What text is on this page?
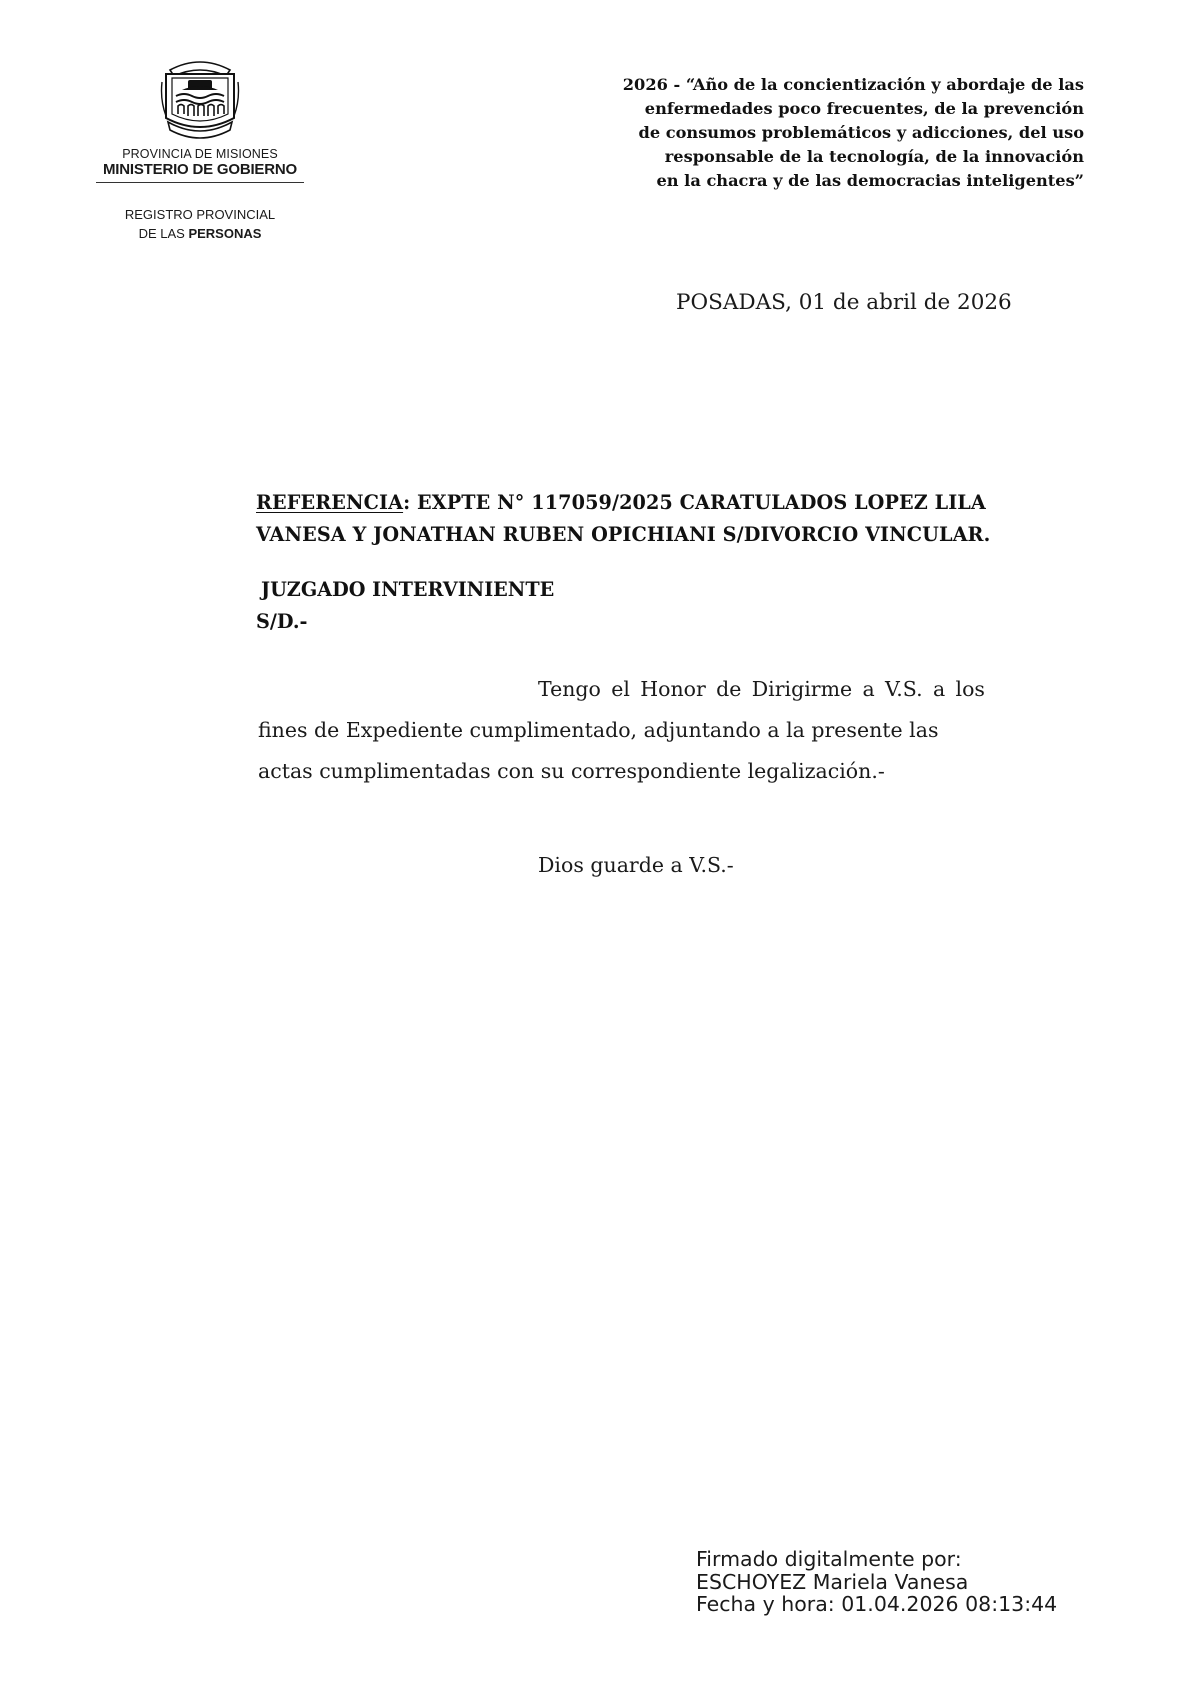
PROVINCIA DE MISIONES
MINISTERIO DE GOBIERNO
REGISTRO PROVINCIAL
DE LAS PERSONAS
2026 - “Año de la concientización y abordaje de las
enfermedades poco frecuentes, de la prevención
de consumos problemáticos y adicciones, del uso
responsable de la tecnología, de la innovación
en la chacra y de las democracias inteligentes”
POSADAS, 01 de abril de 2026
REFERENCIA: EXPTE N° 117059/2025 CARATULADOS LOPEZ LILA
VANESA Y JONATHAN RUBEN OPICHIANI S/DIVORCIO VINCULAR.
JUZGADO INTERVINIENTE
S/D.-
Tengo el Honor de Dirigirme a V.S. a los
fines de Expediente cumplimentado, adjuntando a la presente las
actas cumplimentadas con su correspondiente legalización.-
Dios guarde a V.S.-
Firmado digitalmente por:
ESCHOYEZ Mariela Vanesa
Fecha y hora: 01.04.2026 08:13:44
